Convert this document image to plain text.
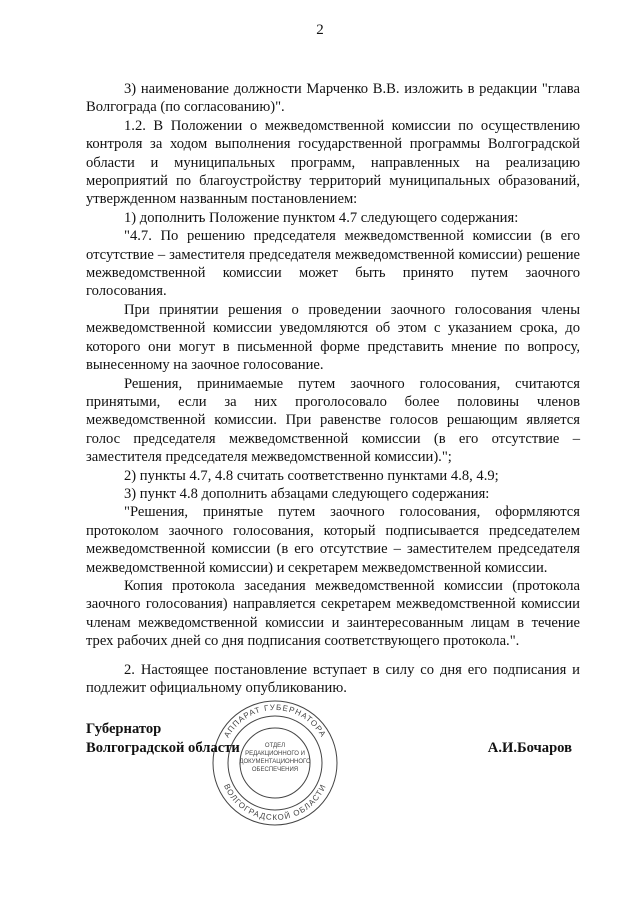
2

3) наименование должности Марченко В.В. изложить в редакции "глава Волгограда (по согласованию)".

1.2. В Положении о межведомственной комиссии по осуществлению контроля за ходом выполнения государственной программы Волгоградской области и муниципальных программ, направленных на реализацию мероприятий по благоустройству территорий муниципальных образований, утвержденном названным постановлением:

1) дополнить Положение пунктом 4.7 следующего содержания:

"4.7. По решению председателя межведомственной комиссии (в его отсутствие – заместителя председателя межведомственной комиссии) решение межведомственной комиссии может быть принято путем заочного голосования.

При принятии решения о проведении заочного голосования члены межведомственной комиссии уведомляются об этом с указанием срока, до которого они могут в письменной форме представить мнение по вопросу, вынесенному на заочное голосование.

Решения, принимаемые путем заочного голосования, считаются принятыми, если за них проголосовало более половины членов межведомственной комиссии. При равенстве голосов решающим является голос председателя межведомственной комиссии (в его отсутствие – заместителя председателя межведомственной комиссии).";

2) пункты 4.7, 4.8 считать соответственно пунктами 4.8, 4.9;

3) пункт 4.8 дополнить абзацами следующего содержания:

"Решения, принятые путем заочного голосования, оформляются протоколом заочного голосования, который подписывается председателем межведомственной комиссии (в его отсутствие – заместителем председателя межведомственной комиссии) и секретарем межведомственной комиссии.

Копия протокола заседания межведомственной комиссии (протокола заочного голосования) направляется секретарем межведомственной комиссии членам межведомственной комиссии и заинтересованным лицам в течение трех рабочих дней со дня подписания соответствующего протокола.".

2. Настоящее постановление вступает в силу со дня его подписания и подлежит официальному опубликованию.

АППАРАТ ГУБЕРНАТОРА
ВОЛГОГРАДСКОЙ ОБЛАСТИ
ОТДЕЛ
РЕДАКЦИОННОГО И
ДОКУМЕНТАЦИОННОГО
ОБЕСПЕЧЕНИЯ
Губернатор
Волгоградской области	А.И.Бочаров
